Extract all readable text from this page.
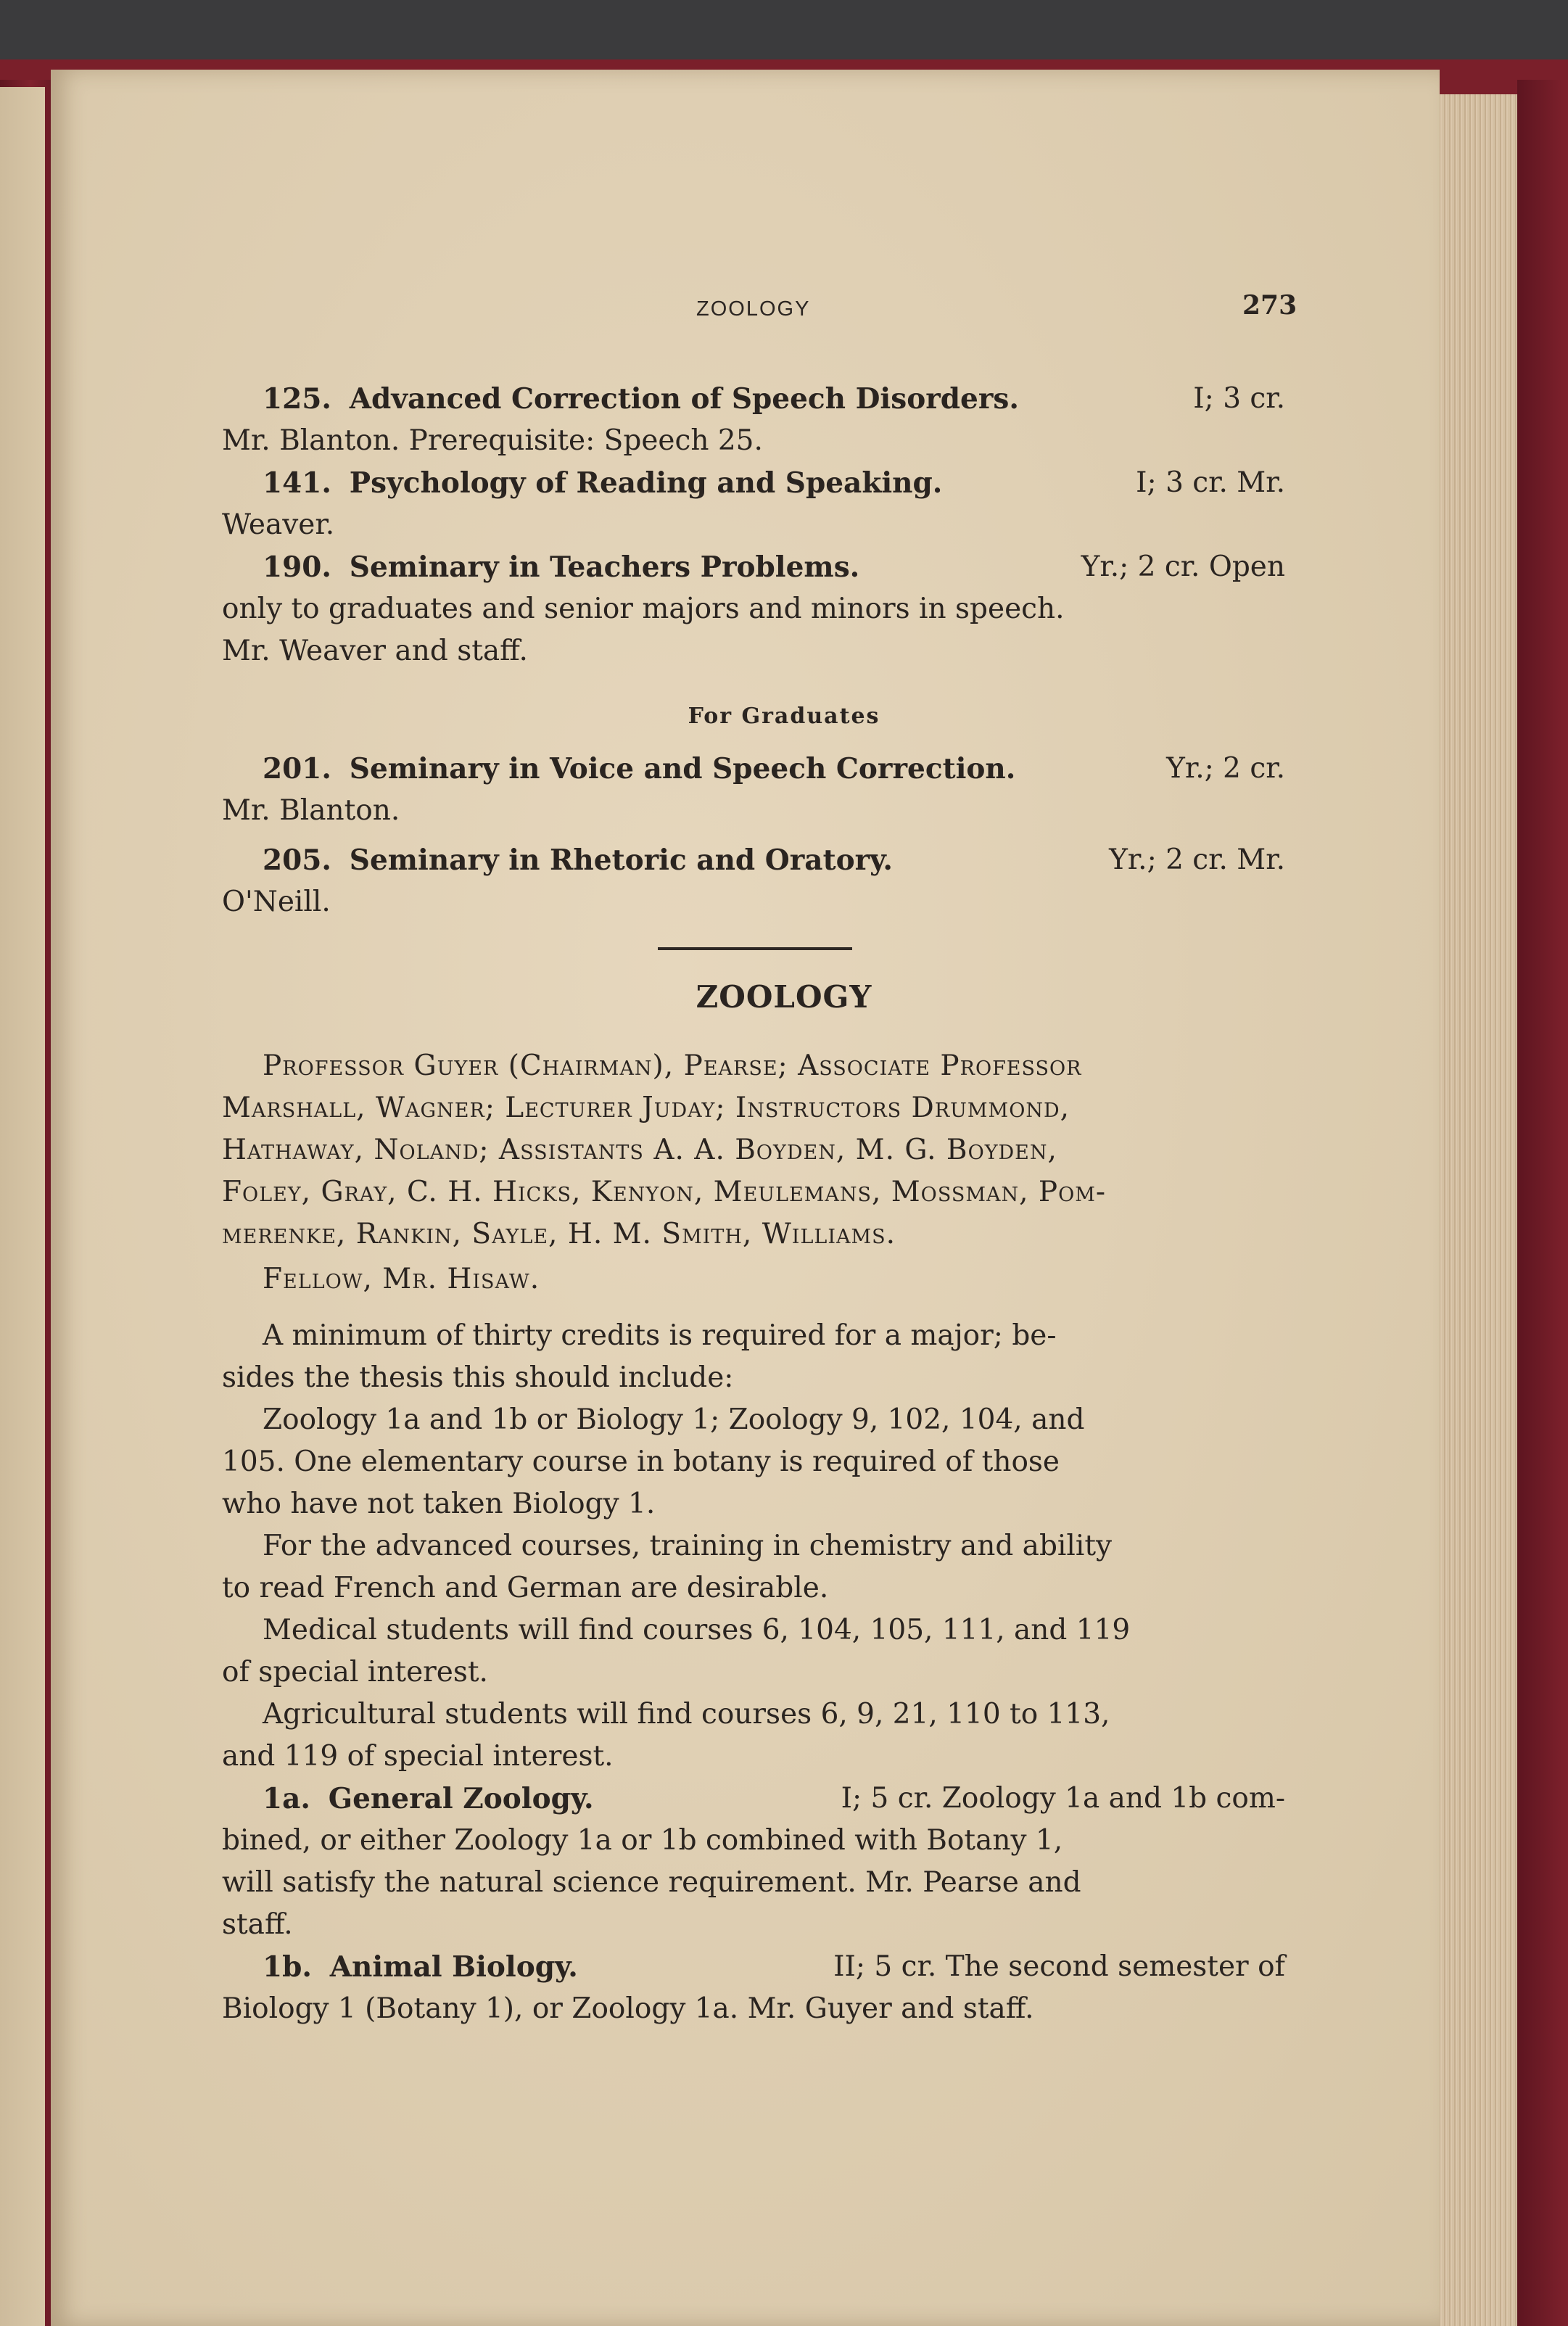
ZOOLOGY	273
125. Advanced Correction of Speech Disorders.	I; 3 cr.
Mr. Blanton. Prerequisite: Speech 25.
141. Psychology of Reading and Speaking.	I; 3 cr. Mr.
Weaver.
190. Seminary in Teachers Problems.	Yr.; 2 cr. Open
only to graduates and senior majors and minors in speech.
Mr. Weaver and staff.
For Graduates
201. Seminary in Voice and Speech Correction.	Yr.; 2 cr.
Mr. Blanton.
205. Seminary in Rhetoric and Oratory.	Yr.; 2 cr. Mr.
O'Neill.
ZOOLOGY
Professor Guyer (Chairman), Pearse; Associate Professor
Marshall, Wagner; Lecturer Juday; Instructors Drummond,
Hathaway, Noland; Assistants A. A. Boyden, M. G. Boyden,
Foley, Gray, C. H. Hicks, Kenyon, Meulemans, Mossman, Pom-
merenke, Rankin, Sayle, H. M. Smith, Williams.
Fellow, Mr. Hisaw.
A minimum of thirty credits is required for a major; be-
sides the thesis this should include:
Zoology 1a and 1b or Biology 1; Zoology 9, 102, 104, and
105. One elementary course in botany is required of those
who have not taken Biology 1.
For the advanced courses, training in chemistry and ability
to read French and German are desirable.
Medical students will find courses 6, 104, 105, 111, and 119
of special interest.
Agricultural students will find courses 6, 9, 21, 110 to 113,
and 119 of special interest.
1a. General Zoology.	I; 5 cr. Zoology 1a and 1b com-
bined, or either Zoology 1a or 1b combined with Botany 1,
will satisfy the natural science requirement. Mr. Pearse and
staff.
1b. Animal Biology.	II; 5 cr. The second semester of
Biology 1 (Botany 1), or Zoology 1a. Mr. Guyer and staff.
